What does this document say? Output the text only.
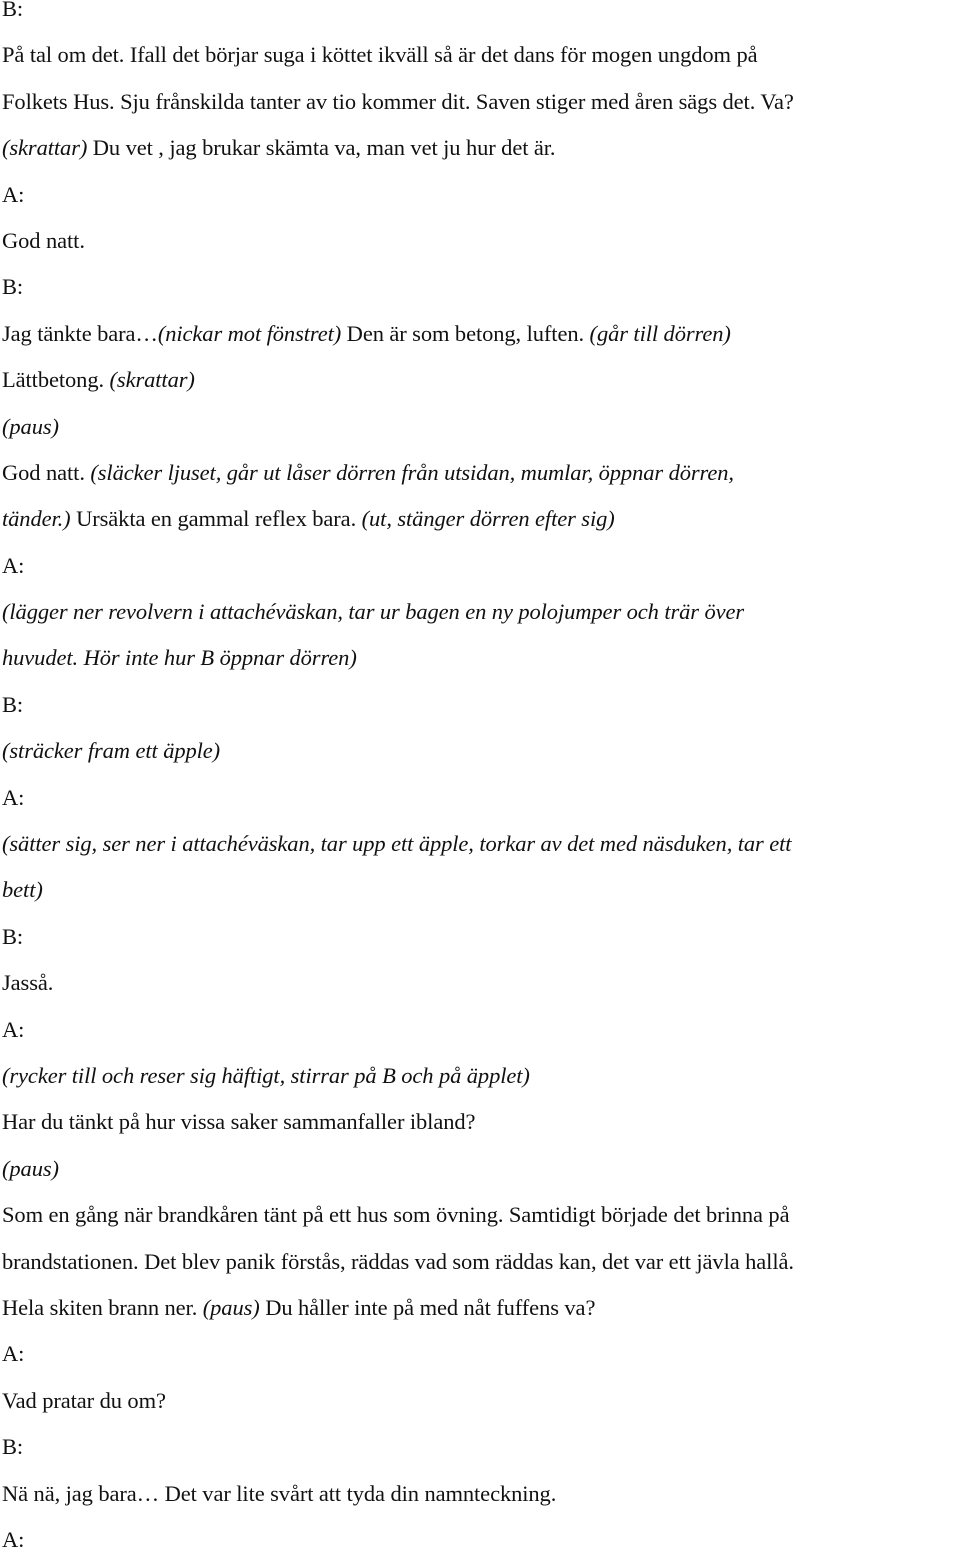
B:
På tal om det. Ifall det börjar suga i köttet ikväll så är det dans för mogen ungdom på
Folkets Hus. Sju frånskilda tanter av tio kommer dit. Saven stiger med åren sägs det. Va?
(skrattar) Du vet , jag brukar skämta va, man vet ju hur det är.
A:
God natt.
B:
Jag tänkte bara…(nickar mot fönstret) Den är som betong, luften. (går till dörren)
Lättbetong. (skrattar)
(paus)
God natt. (släcker ljuset, går ut låser dörren från utsidan, mumlar, öppnar dörren,
tänder.) Ursäkta en gammal reflex bara. (ut, stänger dörren efter sig)
A:
(lägger ner revolvern i attachéväskan, tar ur bagen en ny polojumper och trär över
huvudet. Hör inte hur B öppnar dörren)
B:
(sträcker fram ett äpple)
A:
(sätter sig, ser ner i attachéväskan, tar upp ett äpple, torkar av det med näsduken, tar ett
bett)
B:
Jasså.
A:
(rycker till och reser sig häftigt, stirrar på B och på äpplet)
Har du tänkt på hur vissa saker sammanfaller ibland?
(paus)
Som en gång när brandkåren tänt på ett hus som övning. Samtidigt började det brinna på
brandstationen. Det blev panik förstås, räddas vad som räddas kan, det var ett jävla hallå.
Hela skiten brann ner. (paus) Du håller inte på med nåt fuffens va?
A:
Vad pratar du om?
B:
Nä nä, jag bara… Det var lite svårt att tyda din namnteckning.
A:
